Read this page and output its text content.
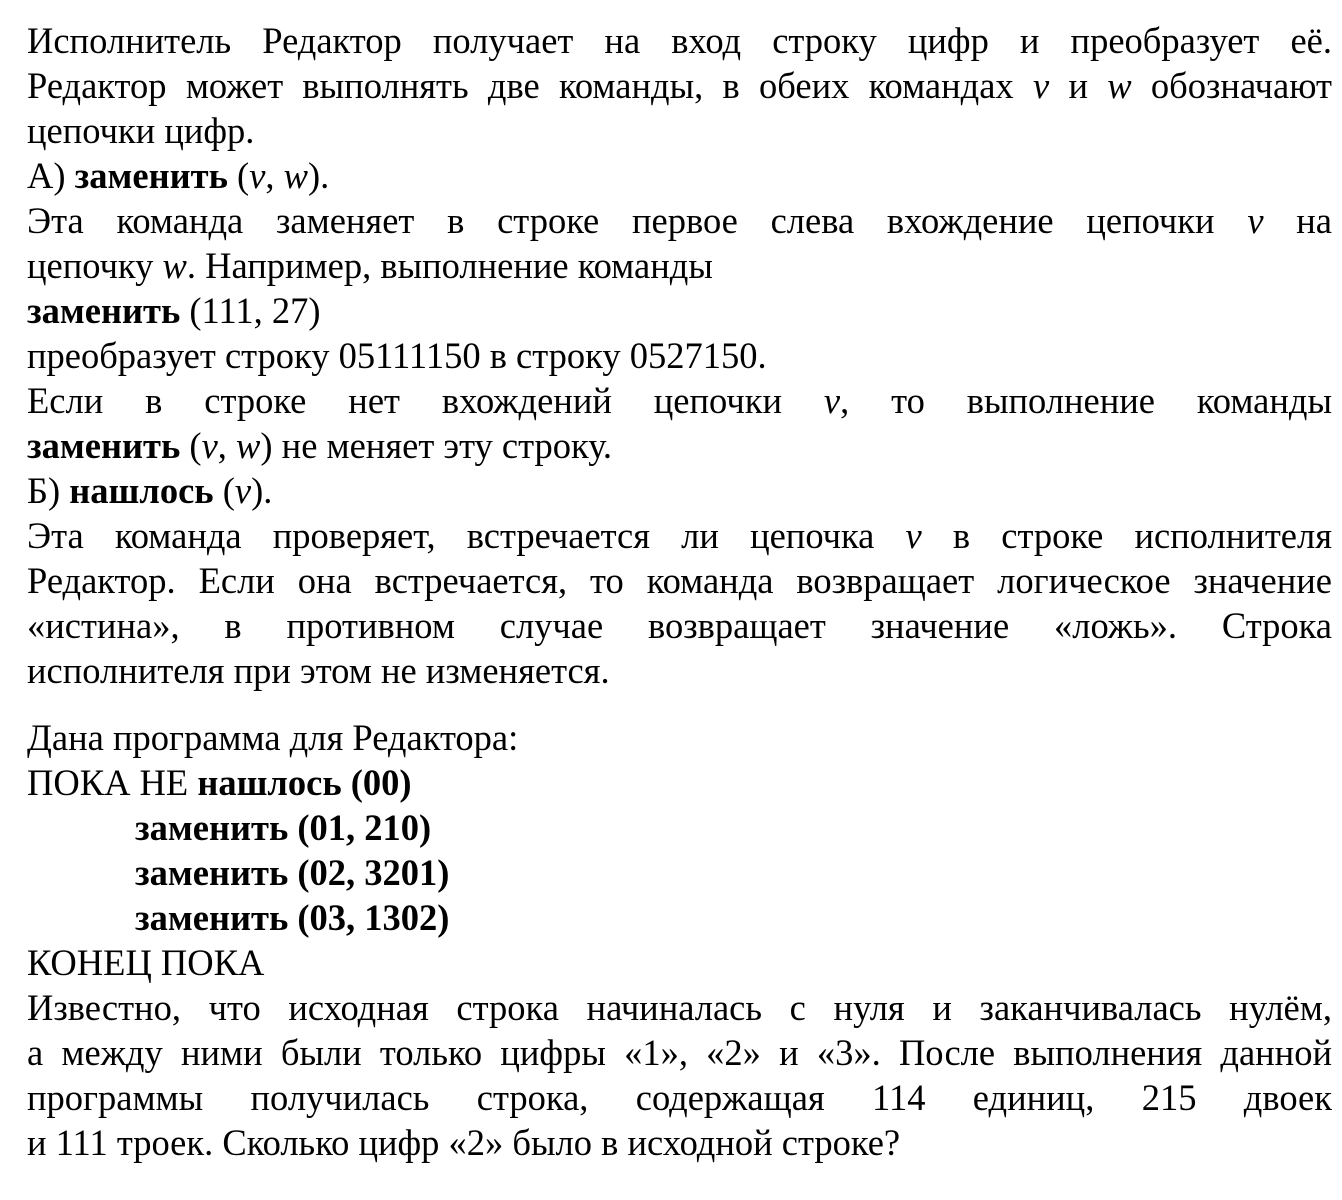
Исполнитель Редактор получает на вход строку цифр и преобразует её.
Редактор может выполнять две команды, в обеих командах v и w обозначают
цепочки цифр.
А) заменить (v, w).
Эта команда заменяет в строке первое слева вхождение цепочки v на
цепочку w. Например, выполнение команды
заменить (111, 27)
преобразует строку 05111150 в строку 0527150.
Если в строке нет вхождений цепочки v, то выполнение команды
заменить (v, w) не меняет эту строку.
Б) нашлось (v).
Эта команда проверяет, встречается ли цепочка v в строке исполнителя
Редактор. Если она встречается, то команда возвращает логическое значение
«истина», в противном случае возвращает значение «ложь». Строка
исполнителя при этом не изменяется.
Дана программа для Редактора:
ПОКА НЕ нашлось (00)
заменить (01, 210)
заменить (02, 3201)
заменить (03, 1302)
КОНЕЦ ПОКА
Известно, что исходная строка начиналась с нуля и заканчивалась нулём,
а между ними были только цифры «1», «2» и «3». После выполнения данной
программы получилась строка, содержащая 114 единиц, 215 двоек
и 111 троек. Сколько цифр «2» было в исходной строке?
